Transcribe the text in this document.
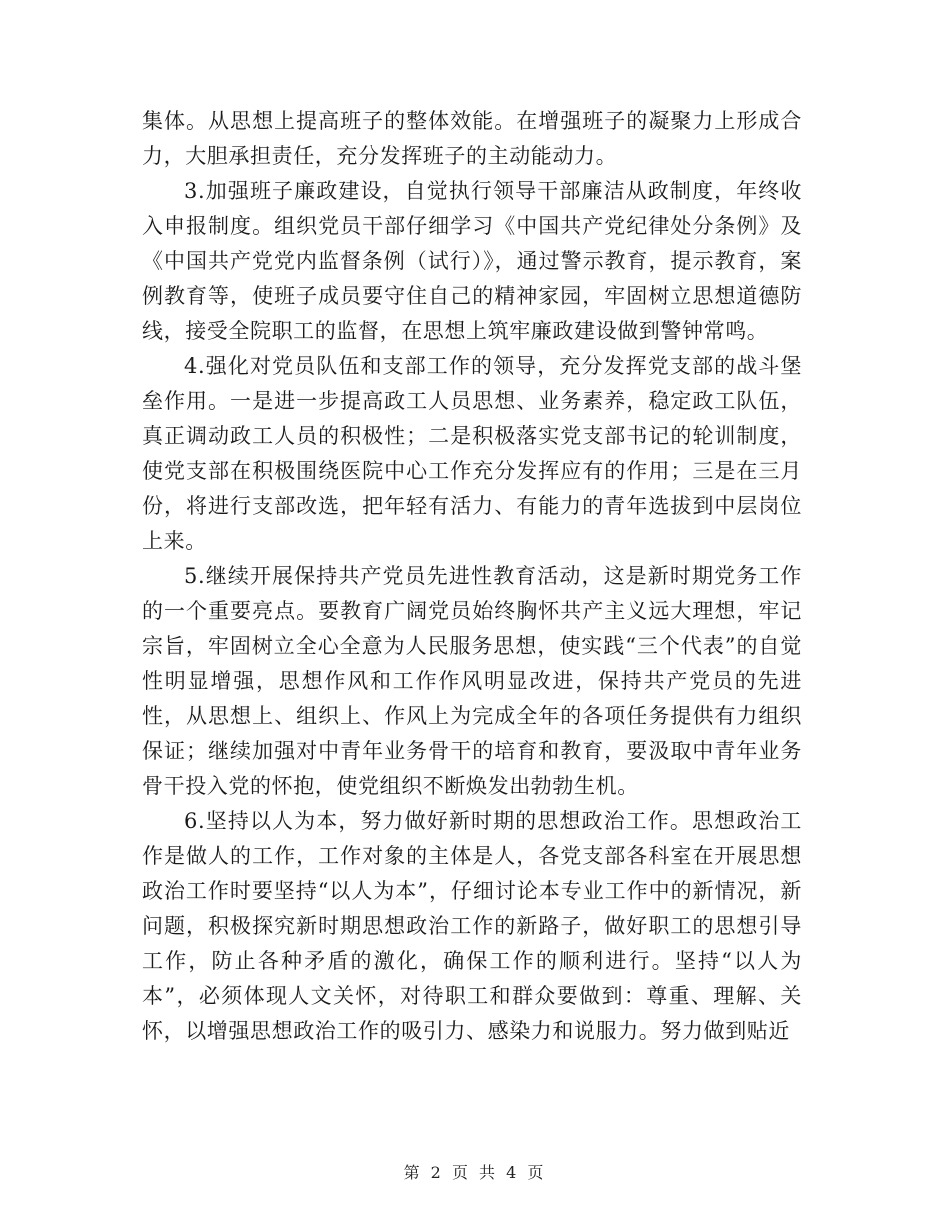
集体。从思想上提高班子的整体效能。在增强班子的凝聚力上形成合力，大胆承担责任，充分发挥班子的主动能动力。

3.加强班子廉政建设，自觉执行领导干部廉洁从政制度，年终收入申报制度。组织党员干部仔细学习《中国共产党纪律处分条例》及《中国共产党党内监督条例（试行）》，通过警示教育，提示教育，案例教育等，使班子成员要守住自己的精神家园，牢固树立思想道德防线，接受全院职工的监督，在思想上筑牢廉政建设做到警钟常鸣。

4.强化对党员队伍和支部工作的领导，充分发挥党支部的战斗堡垒作用。一是进一步提高政工人员思想、业务素养，稳定政工队伍，真正调动政工人员的积极性；二是积极落实党支部书记的轮训制度，使党支部在积极围绕医院中心工作充分发挥应有的作用；三是在三月份，将进行支部改选，把年轻有活力、有能力的青年选拔到中层岗位上来。

5.继续开展保持共产党员先进性教育活动，这是新时期党务工作的一个重要亮点。要教育广阔党员始终胸怀共产主义远大理想，牢记宗旨，牢固树立全心全意为人民服务思想，使实践“三个代表”的自觉性明显增强，思想作风和工作作风明显改进，保持共产党员的先进性，从思想上、组织上、作风上为完成全年的各项任务提供有力组织保证；继续加强对中青年业务骨干的培育和教育，要汲取中青年业务骨干投入党的怀抱，使党组织不断焕发出勃勃生机。

6.坚持以人为本，努力做好新时期的思想政治工作。思想政治工作是做人的工作，工作对象的主体是人，各党支部各科室在开展思想政治工作时要坚持“以人为本”，仔细讨论本专业工作中的新情况，新问题，积极探究新时期思想政治工作的新路子，做好职工的思想引导工作，防止各种矛盾的激化，确保工作的顺利进行。坚持“以人为本”，必须体现人文关怀，对待职工和群众要做到：尊重、理解、关怀，以增强思想政治工作的吸引力、感染力和说服力。努力做到贴近

第 2 页 共 4 页
